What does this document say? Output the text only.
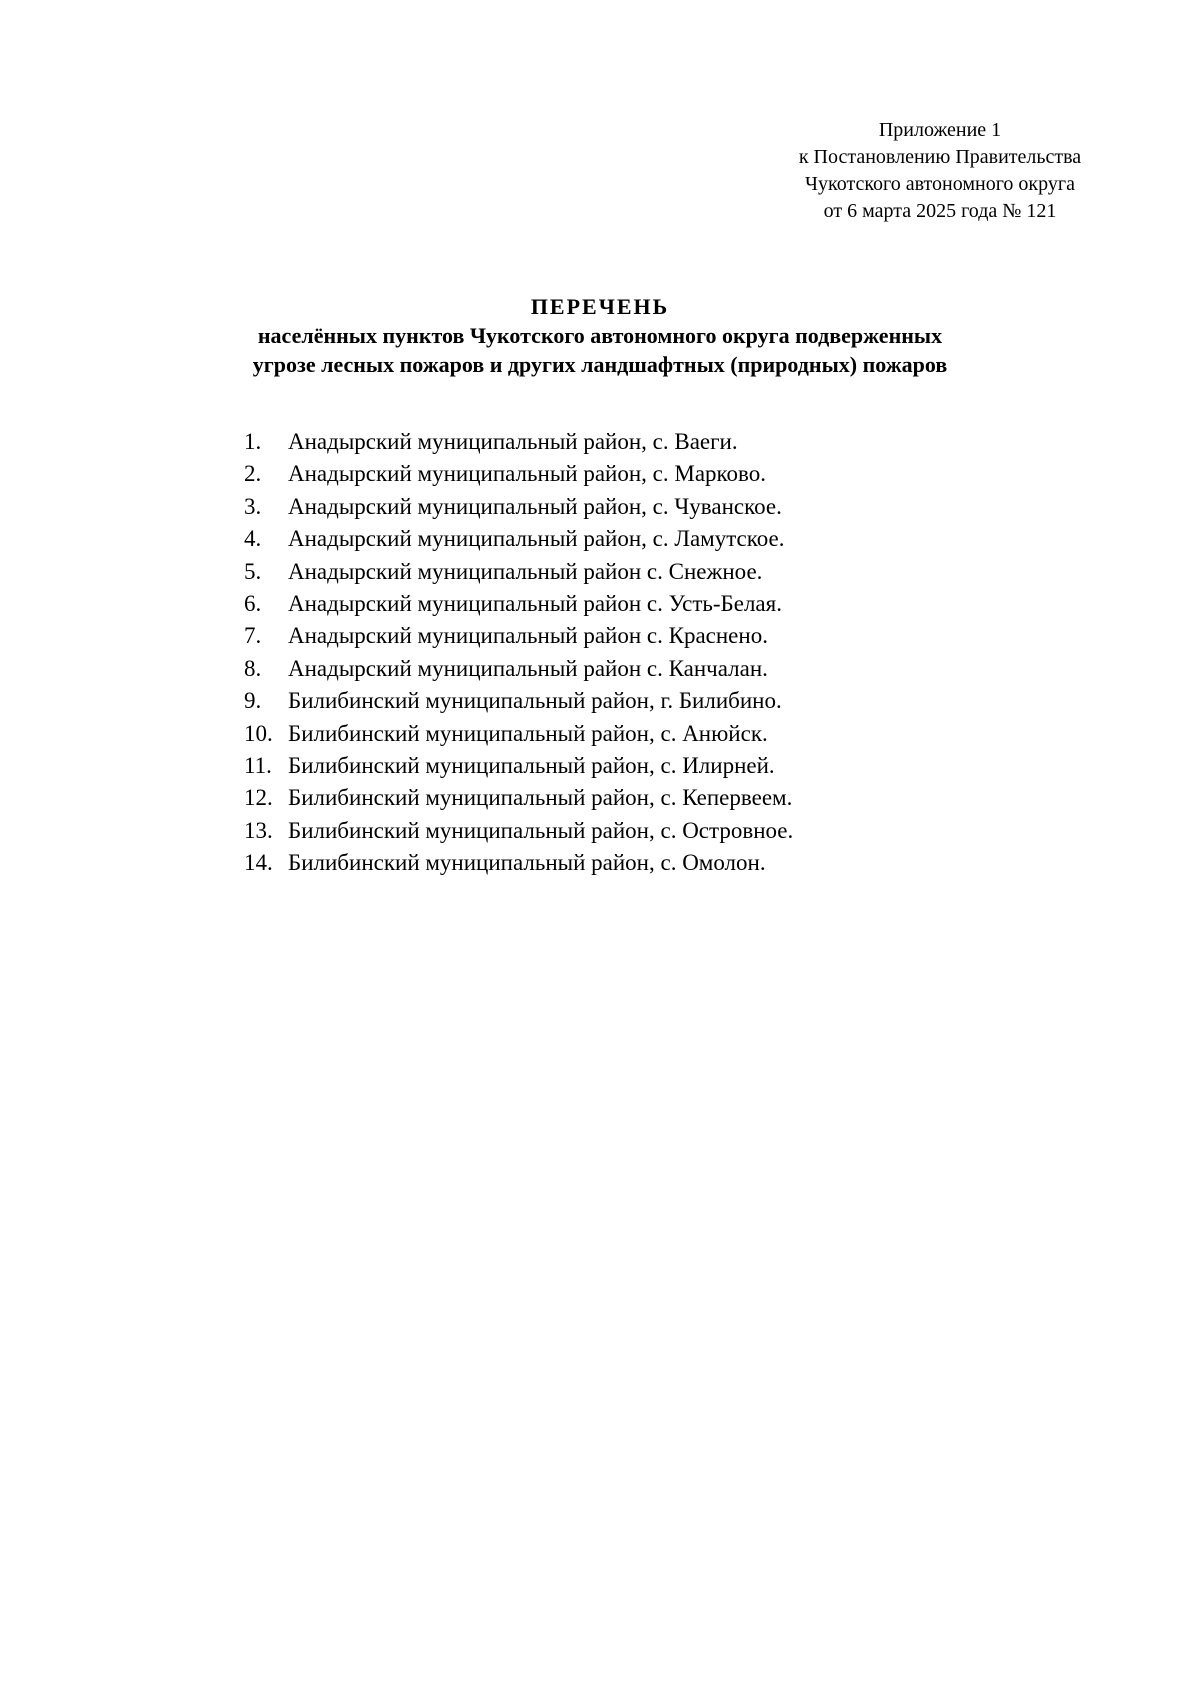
Приложение 1
к Постановлению Правительства
Чукотского автономного округа
от 6 марта 2025 года № 121
ПЕРЕЧЕНЬ
населённых пунктов Чукотского автономного округа подверженных
угрозе лесных пожаров и других ландшафтных (природных) пожаров
1.	Анадырский муниципальный район, с. Ваеги.
2.	Анадырский муниципальный район, с. Марково.
3.	Анадырский муниципальный район, с. Чуванское.
4.	Анадырский муниципальный район, с. Ламутское.
5.	Анадырский муниципальный район с. Снежное.
6.	Анадырский муниципальный район с. Усть-Белая.
7.	Анадырский муниципальный район с. Краснено.
8.	Анадырский муниципальный район с. Канчалан.
9.	Билибинский муниципальный район, г. Билибино.
10. Билибинский муниципальный район, с. Анюйск.
11. Билибинский муниципальный район, с. Илирней.
12. Билибинский муниципальный район, с. Кепервеем.
13. Билибинский муниципальный район, с. Островное.
14. Билибинский муниципальный район, с. Омолон.
